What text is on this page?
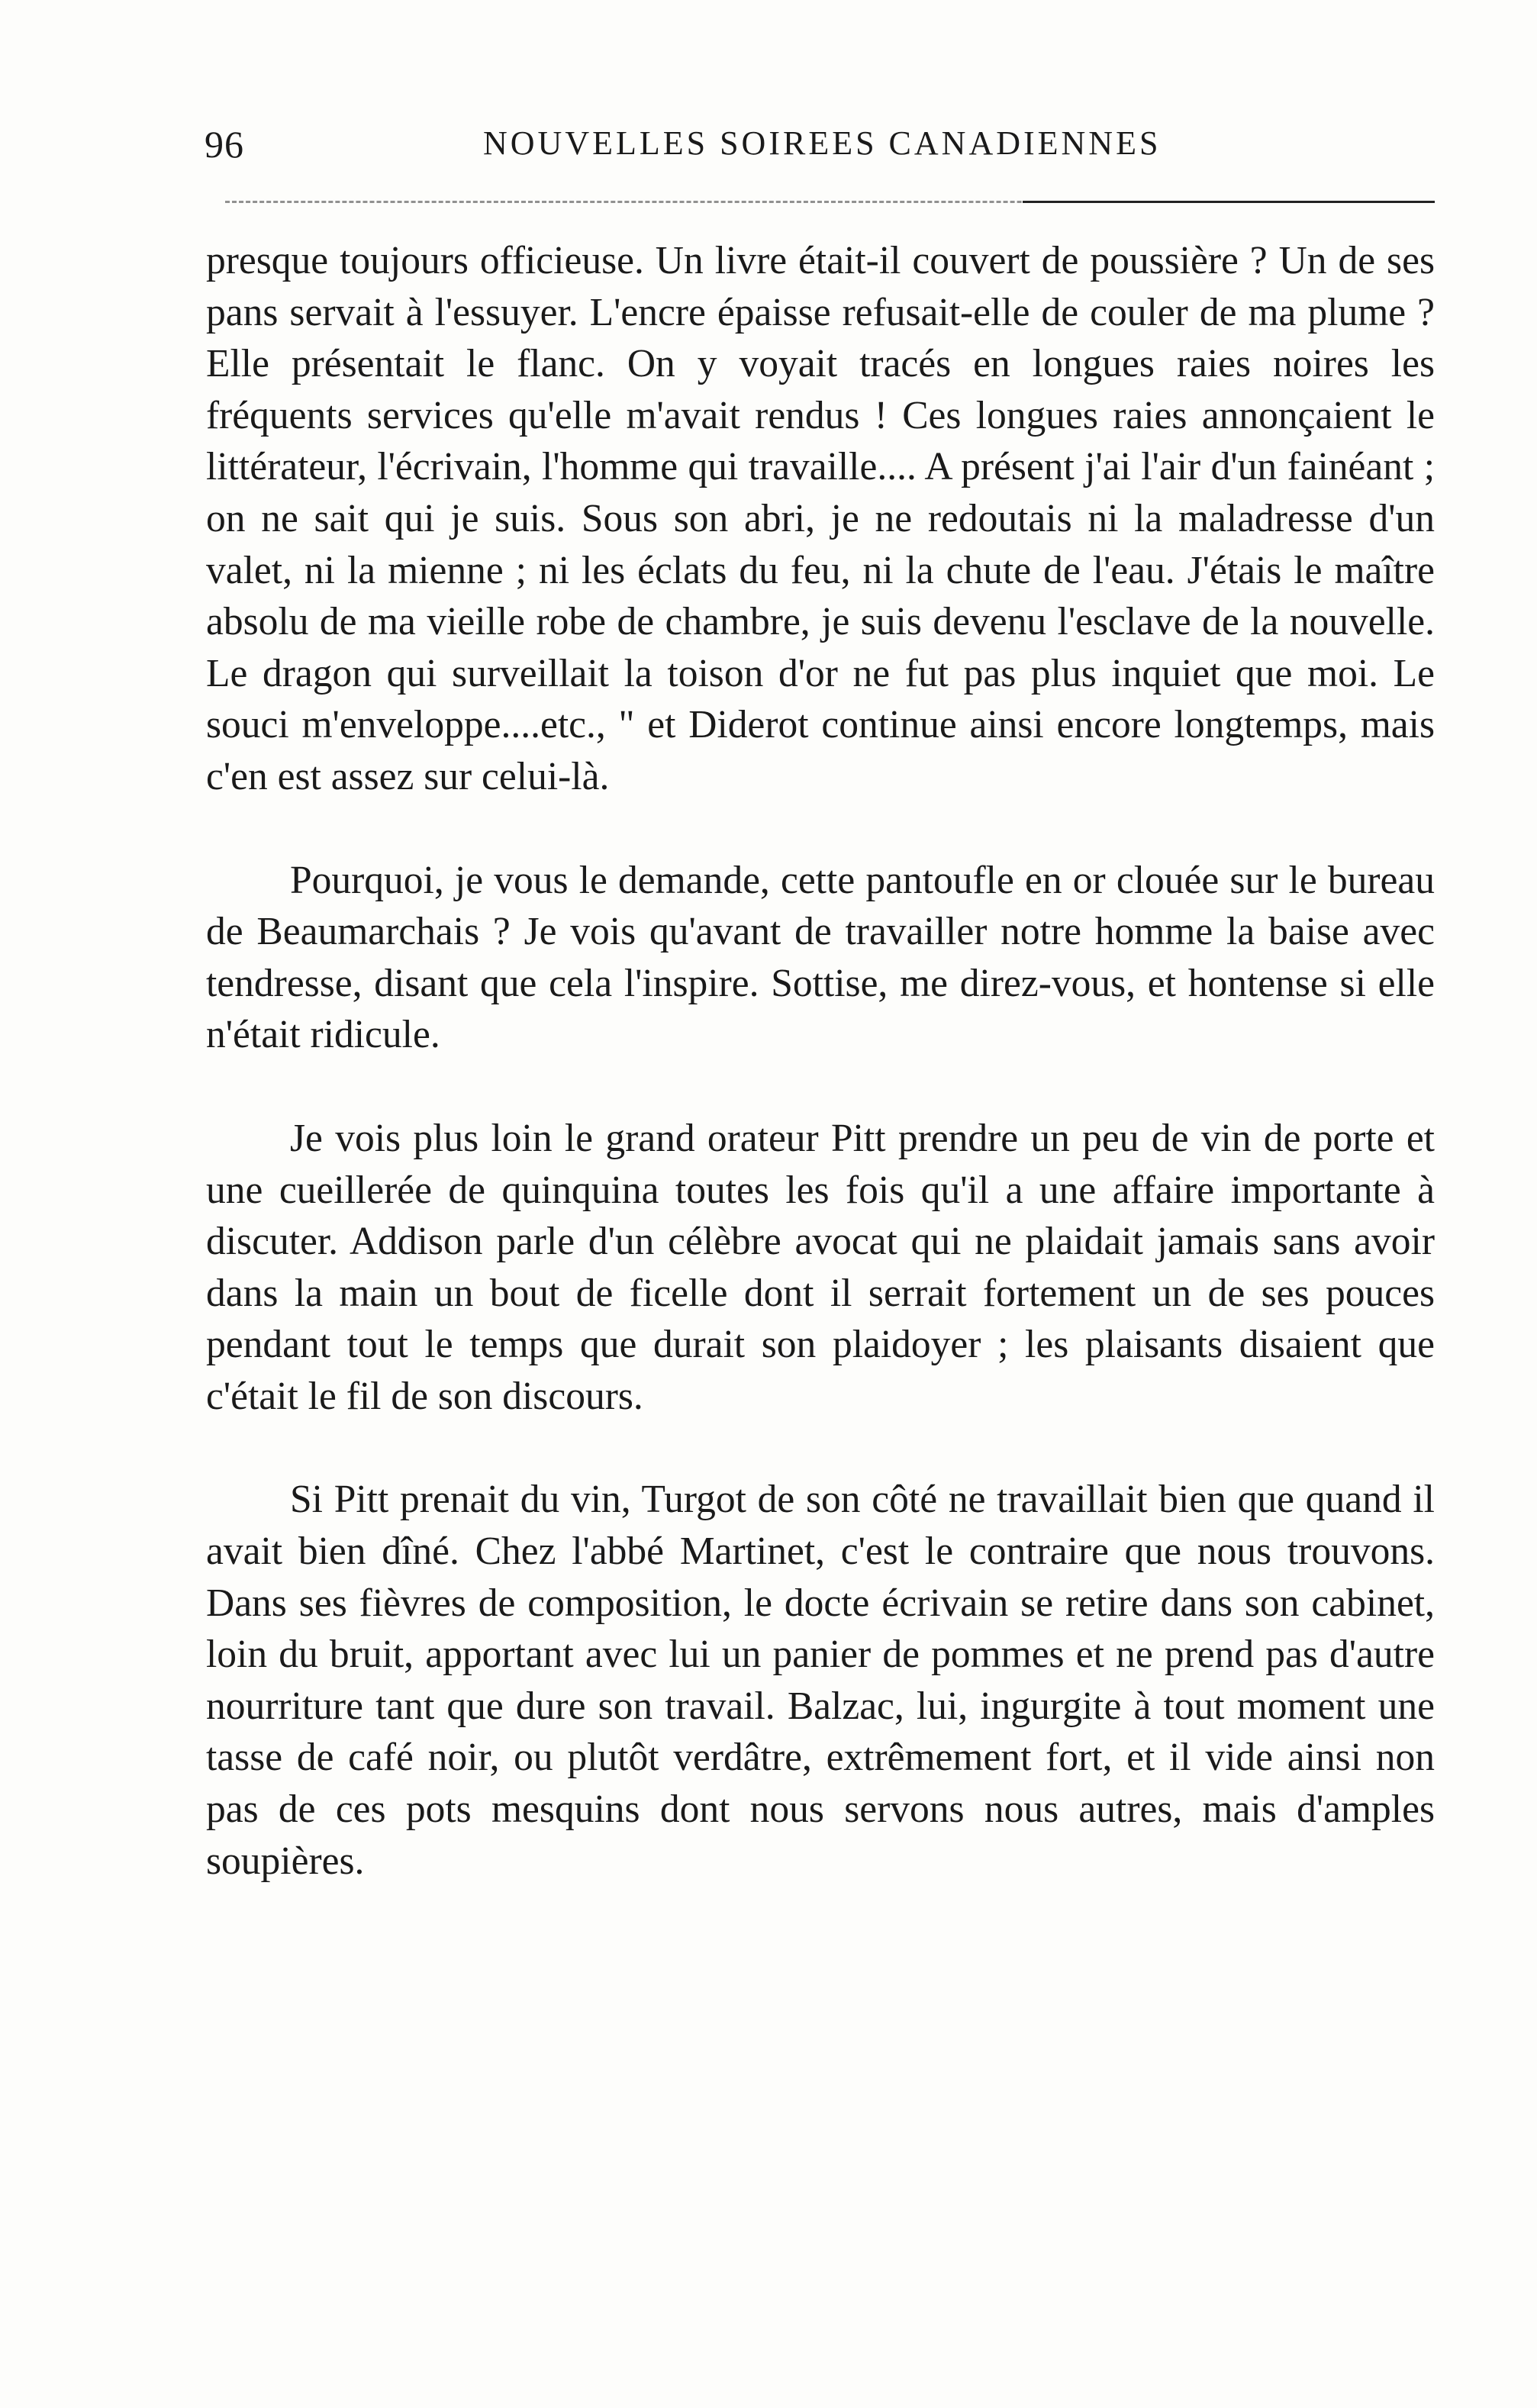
96	NOUVELLES SOIREES CANADIENNES

presque toujours officieuse. Un livre était-il couvert de poussière ? Un de ses pans servait à l'essuyer. L'encre épaisse refusait-elle de couler de ma plume ? Elle présentait le flanc. On y voyait tracés en longues raies noires les fréquents services qu'elle m'avait rendus ! Ces longues raies annonçaient le littérateur, l'écrivain, l'homme qui travaille.... A présent j'ai l'air d'un fainéant ; on ne sait qui je suis. Sous son abri, je ne redoutais ni la maladresse d'un valet, ni la mienne ; ni les éclats du feu, ni la chute de l'eau. J'étais le maître absolu de ma vieille robe de chambre, je suis devenu l'esclave de la nouvelle. Le dragon qui surveillait la toison d'or ne fut pas plus inquiet que moi. Le souci m'enveloppe....etc., " et Diderot continue ainsi encore longtemps, mais c'en est assez sur celui-là.

Pourquoi, je vous le demande, cette pantoufle en or clouée sur le bureau de Beaumarchais ? Je vois qu'avant de travailler notre homme la baise avec tendresse, disant que cela l'inspire. Sottise, me direz-vous, et hontense si elle n'était ridicule.

Je vois plus loin le grand orateur Pitt prendre un peu de vin de porte et une cueillerée de quinquina toutes les fois qu'il a une affaire importante à discuter. Addison parle d'un célèbre avocat qui ne plaidait jamais sans avoir dans la main un bout de ficelle dont il serrait fortement un de ses pouces pendant tout le temps que durait son plaidoyer ; les plaisants disaient que c'était le fil de son discours.

Si Pitt prenait du vin, Turgot de son côté ne travaillait bien que quand il avait bien dîné. Chez l'abbé Martinet, c'est le contraire que nous trouvons. Dans ses fièvres de composition, le docte écrivain se retire dans son cabinet, loin du bruit, apportant avec lui un panier de pommes et ne prend pas d'autre nourriture tant que dure son travail. Balzac, lui, ingurgite à tout moment une tasse de café noir, ou plutôt verdâtre, extrêmement fort, et il vide ainsi non pas de ces pots mesquins dont nous servons nous autres, mais d'amples soupières.
